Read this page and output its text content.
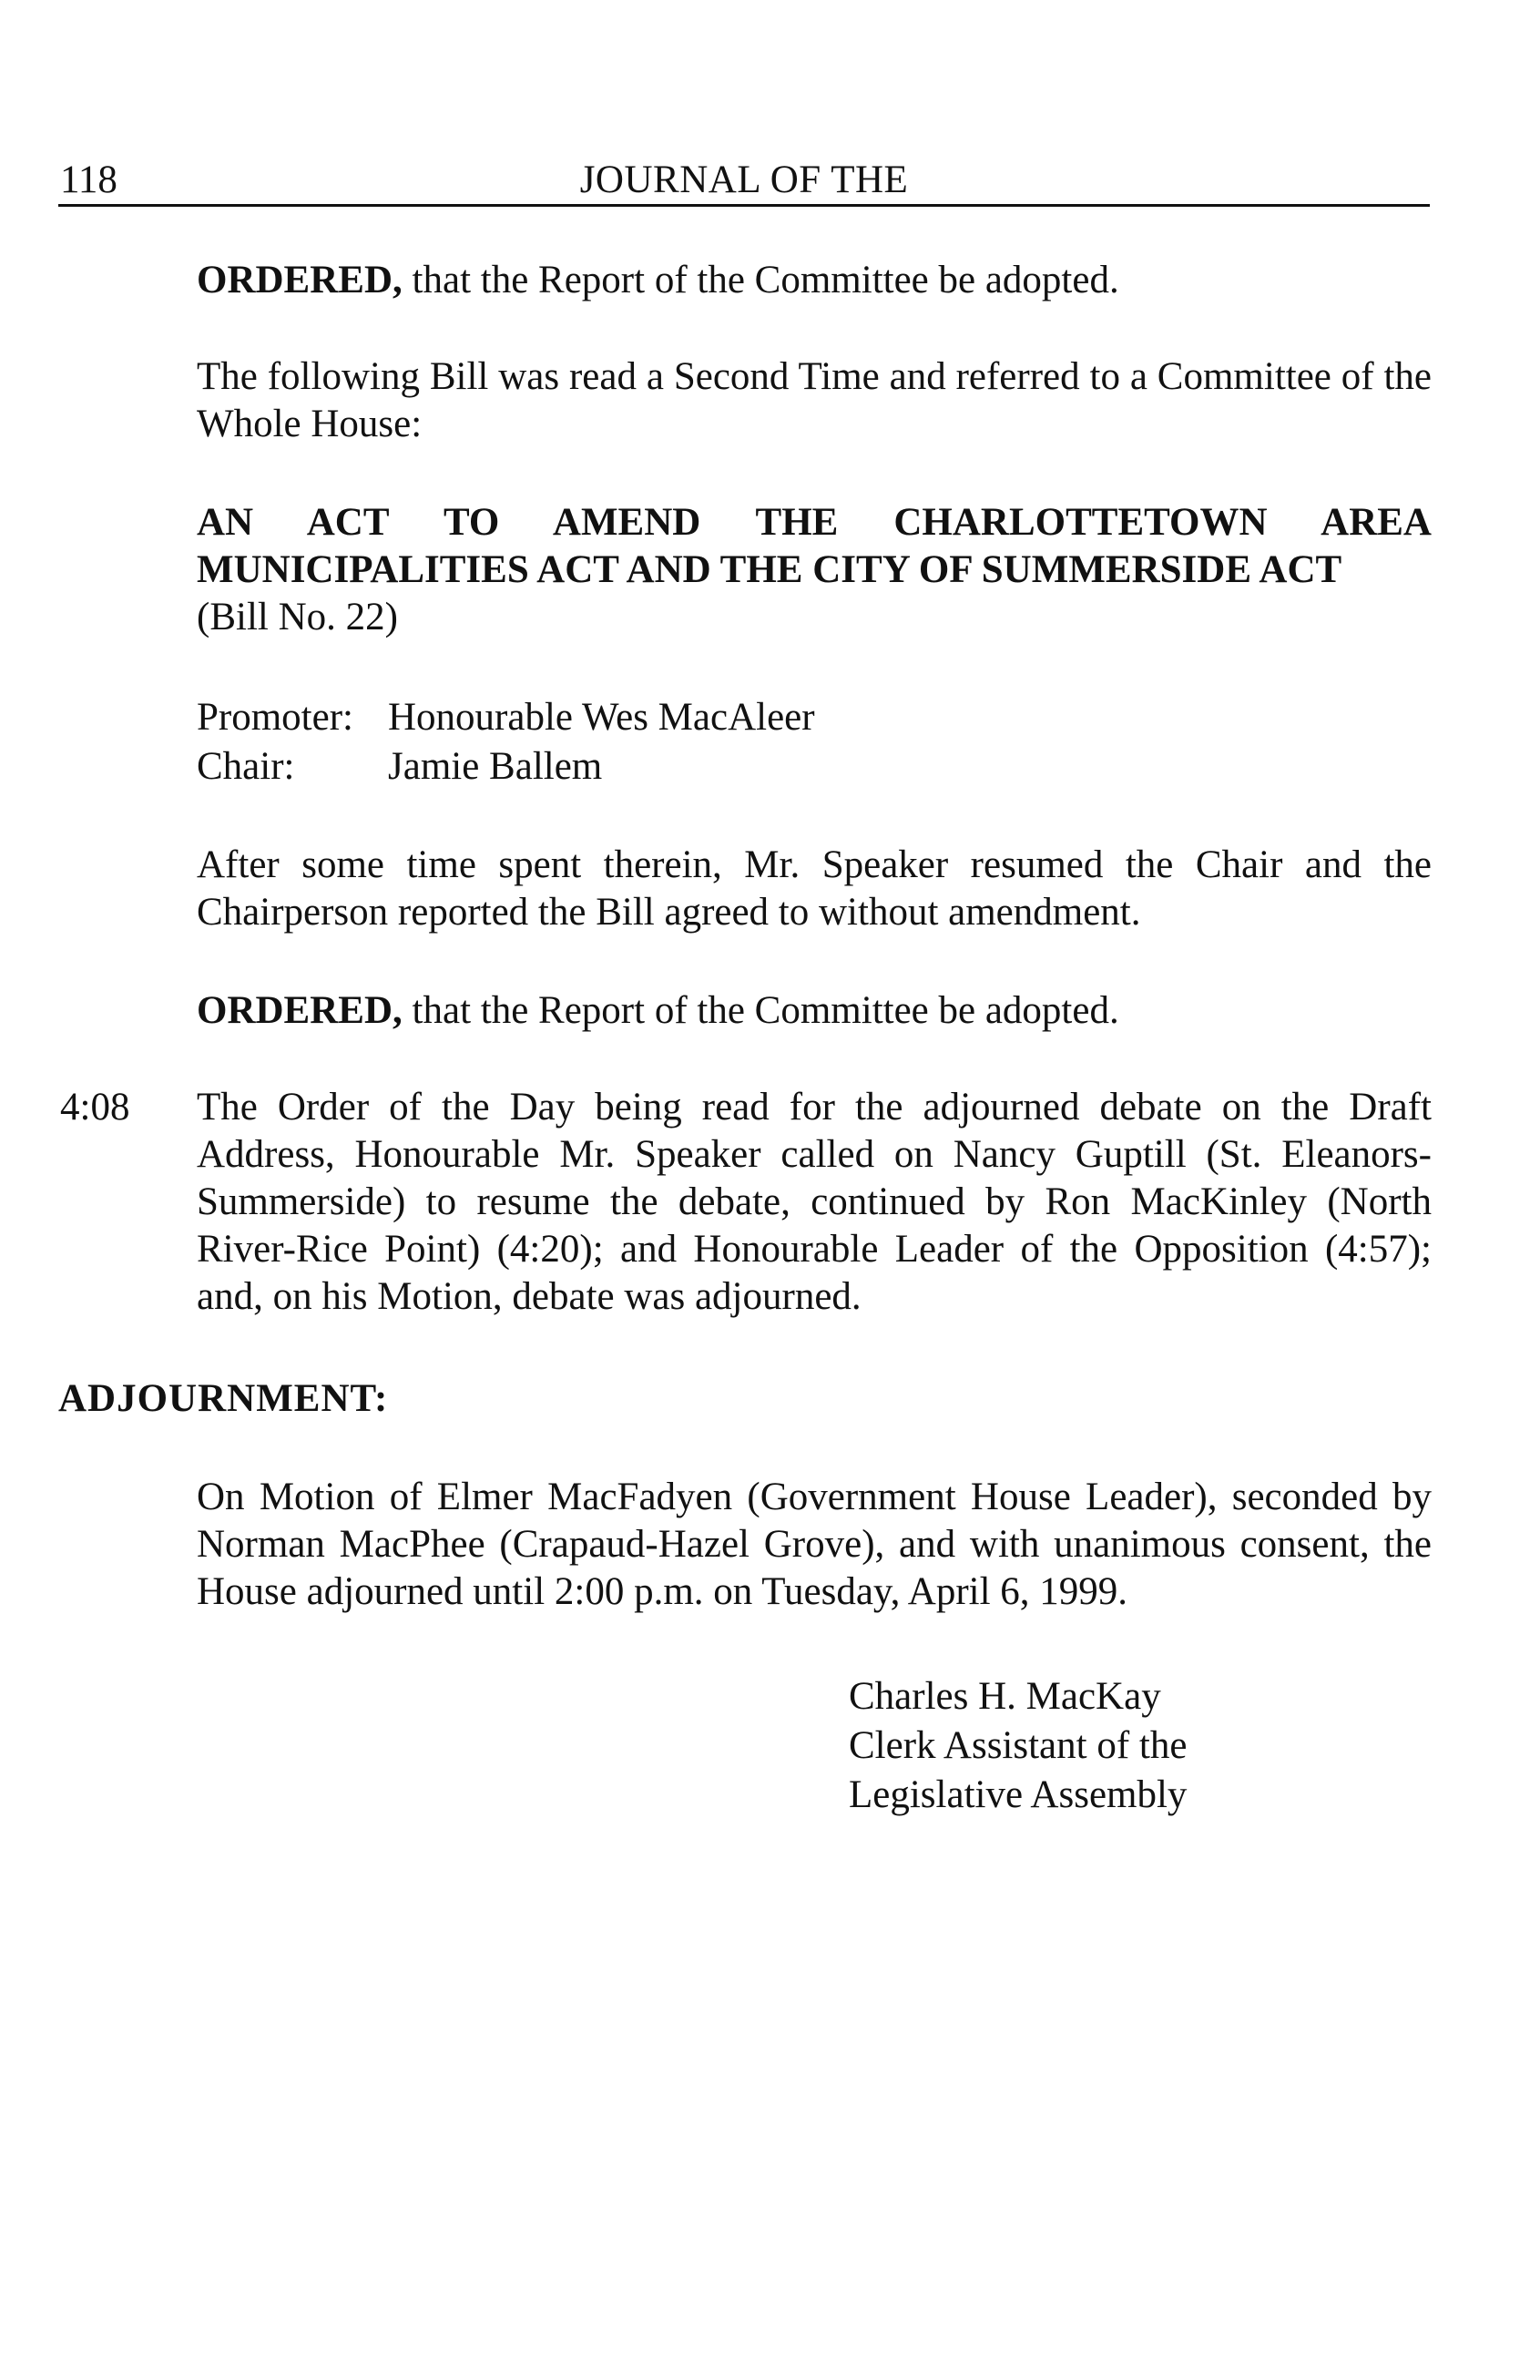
118	JOURNAL OF THE
ORDERED, that the Report of the Committee be adopted.
The following Bill was read a Second Time and referred to a Committee of the Whole House:
AN ACT TO AMEND THE CHARLOTTETOWN AREA
MUNICIPALITIES ACT AND THE CITY OF SUMMERSIDE ACT
(Bill No. 22)
Promoter: Honourable Wes MacAleer
Chair: Jamie Ballem
After some time spent therein, Mr. Speaker resumed the Chair and the Chairperson reported the Bill agreed to without amendment.
ORDERED, that the Report of the Committee be adopted.
4:08 The Order of the Day being read for the adjourned debate on the Draft Address, Honourable Mr. Speaker called on Nancy Guptill (St. Eleanors-Summerside) to resume the debate, continued by Ron MacKinley (North River-Rice Point) (4:20); and Honourable Leader of the Opposition (4:57); and, on his Motion, debate was adjourned.
ADJOURNMENT:
On Motion of Elmer MacFadyen (Government House Leader), seconded by Norman MacPhee (Crapaud-Hazel Grove), and with unanimous consent, the House adjourned until 2:00 p.m. on Tuesday, April 6, 1999.
Charles H. MacKay
Clerk Assistant of the
Legislative Assembly
